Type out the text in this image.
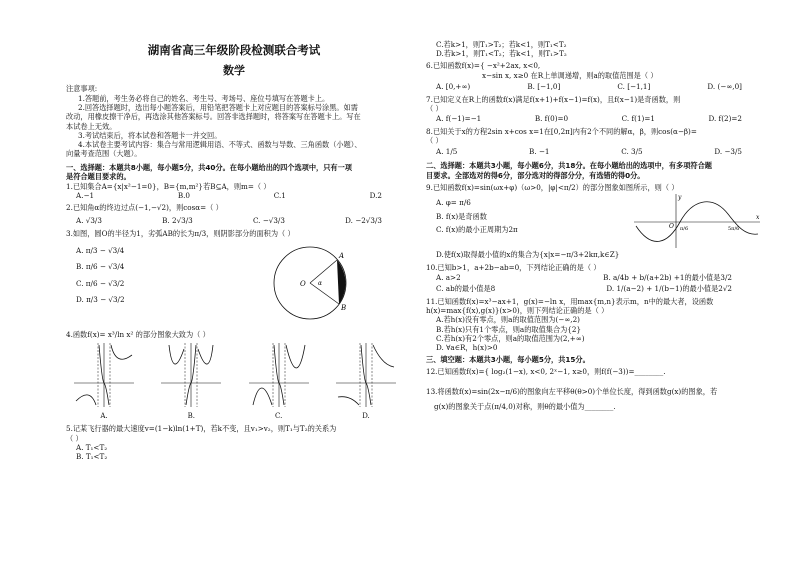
湖南省高三年级阶段检测联合考试
数学
注意事项:

1.答题前，考生务必将自己的姓名、考生号、考场号、座位号填写在答题卡上。

2.回答选择题时，选出每小题答案后，用铅笔把答题卡上对应题目的答案标号涂黑。如需

改动，用橡皮擦干净后，再选涂其他答案标号。回答非选择题时，将答案写在答题卡上。写在

本试卷上无效。

3.考试结束后，将本试卷和答题卡一并交回。

4.本试卷主要考试内容：集合与常用逻辑用语、不等式、函数与导数、三角函数（小题）、

向量考查范围（大题）。

一、选择题：本题共8小题，每小题5分，共40分。在每小题给出的四个选项中，只有一项
是符合题目要求的。

1.已知集合A={x|x²−1=0}，B={m,m²}若B⊆A，则m=（ ）

A.−1	B.0	C.1	D.2

2.已知角α的终边过点(−1,−√2)，则cosα=（ ）

A. √3/3	B. 2√3/3	C. −√3/3	D. −2√3/3

3.如图，圆O的半径为1，劣弧AB的长为π/3，则阴影部分的面积为（ ）

A. π/3 − √3/4
B. π/6 − √3/4
C. π/6 − √3/2
D. π/3 − √3/2
O
A
B
α

4.函数f(x)= x³/ln x² 的部分图象大致为（ ）

A.	B.	C.	D.

5.记某飞行器的最大速度v=(1−k)ln(1+T)，若k不变，且v₁>v₂，则T₁与T₂的关系为

（ ）

A. T₁<T₂
B. T₁<T₂
C.若k>1，则T₁>T₂；若k<1，则T₁<T₂
D.若k>1，则T₁<T₂；若k<1，则T₁>T₂

6.已知函数f(x)={ −x²+2ax, x<0,

x−sin x, x≥0 在R上单调递增，则a的取值范围是（ ）

A. [0,+∞)	B. [−1,0]	C. [−1,1]	D. (−∞,0]

7.已知定义在R上的函数f(x)满足f(x+1)+f(x−1)=f(x)，且f(x−1)是奇函数，则

（ ）

A. f(−1)=−1	B. f(0)=0	C. f(1)=1	D. f(2)=2

8.已知关于x的方程2sin x+cos x=1在[0,2π]内有2个不同的解α，β，则cos(α−β)=

（ ）

A. 1/5	B. −1	C. 3/5	D. −3/5
二、选择题：本题共3小题，每小题6分，共18分。在每小题给出的选项中，有多项符合题
目要求。全部选对的得6分，部分选对的得部分分，有选错的得0分。

9.已知函数f(x)=sin(ωx+φ)（ω>0，|φ|<π/2）的部分图象如图所示，则（ ）

A. φ= π/6
B. f(x)是奇函数
C. f(x)的最小正周期为2π
x
y
O π/6	5π/6
D.使f(x)取得最小值的x的集合为{x|x=−π/3+2kπ,k∈Z}

10.已知b>1，a+2b−ab=0，下列结论正确的是（ ）

A. a>2	B. a/4b + b/(a+2b) +1的最小值是3/2
C. ab的最小值是8	D. 1/(a−2) + 1/(b−1)的最小值是2√2

11.已知函数f(x)=x³−ax+1，g(x)=−ln x，用max{m,n}表示m，n中的最大者，设函数

h(x)=max{f(x),g(x)}(x>0)，则下列结论正确的是（ ）

A.若h(x)没有零点，则a的取值范围为(−∞,2)
B.若h(x)只有1个零点，则a的取值集合为{2}
C.若h(x)有2个零点，则a的取值范围为(2,+∞)
D. ∀a∈R，h(x)>0
三、填空题：本题共3小题，每小题5分，共15分。

12.已知函数f(x)={ log₂(1−x), x<0, 2ˣ−1, x≥0，则f(f(−3))=________.

13.将函数f(x)=sin(2x−π/6)的图象向左平移θ(θ>0)个单位长度，得到函数g(x)的图象，若

g(x)的图象关于点(π/4,0)对称，则θ的最小值为________.
